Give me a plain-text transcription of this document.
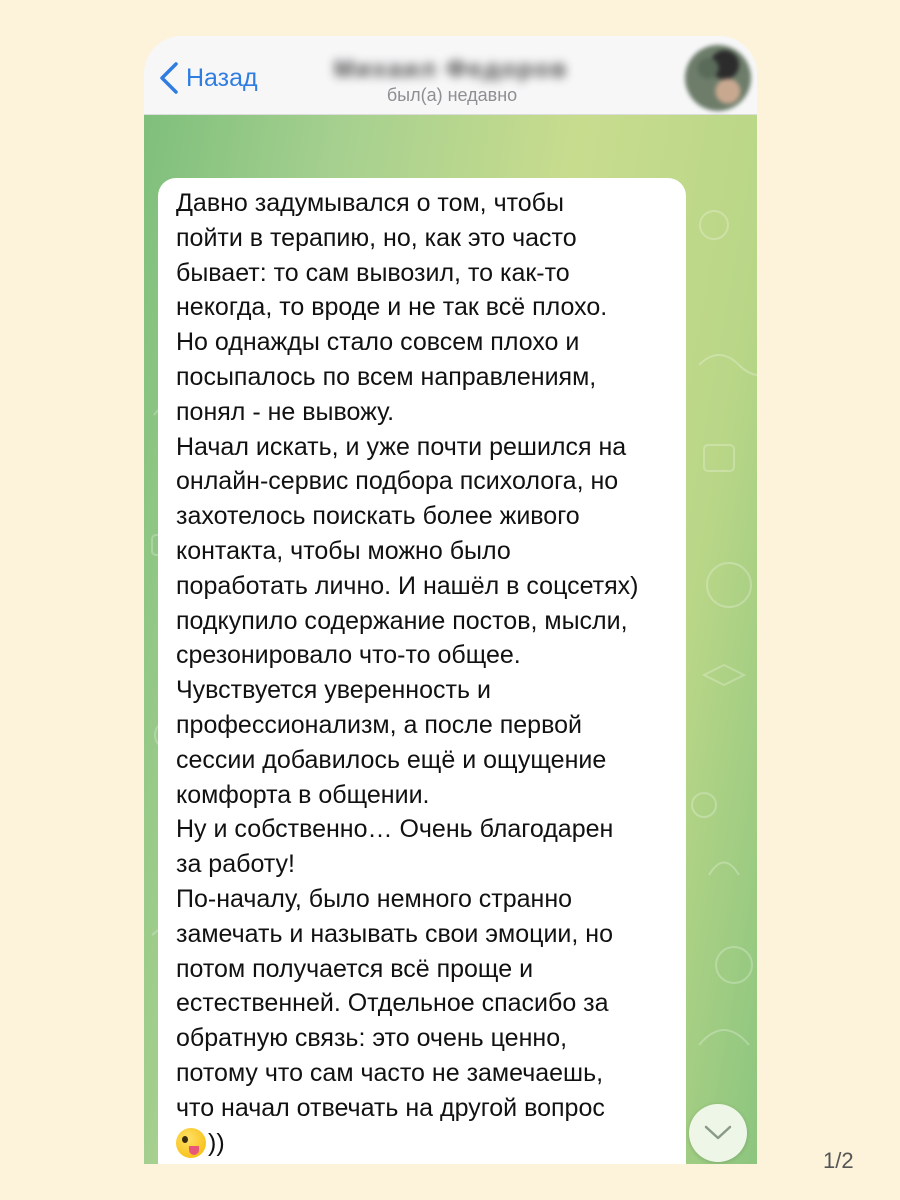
Назад	Михаил Федоров
был(а) недавно

Давно задумывался о том, чтобы
пойти в терапию, но, как это часто
бывает: то сам вывозил, то как-то
некогда, то вроде и не так всё плохо.
Но однажды стало совсем плохо и
посыпалось по всем направлениям,
понял - не вывожу.
Начал искать, и уже почти решился на
онлайн-сервис подбора психолога, но
захотелось поискать более живого
контакта, чтобы можно было
поработать лично. И нашёл в соцсетях)
подкупило содержание постов, мысли,
срезонировало что-то общее.
Чувствуется уверенность и
профессионализм, а после первой
сессии добавилось ещё и ощущение
комфорта в общении.
Ну и собственно… Очень благодарен
за работу!
По-началу, было немного странно
замечать и называть свои эмоции, но
потом получается всё проще и
естественней. Отдельное спасибо за
обратную связь: это очень ценно,
потому что сам часто не замечаешь,
что начал отвечать на другой вопрос

))
1/2
